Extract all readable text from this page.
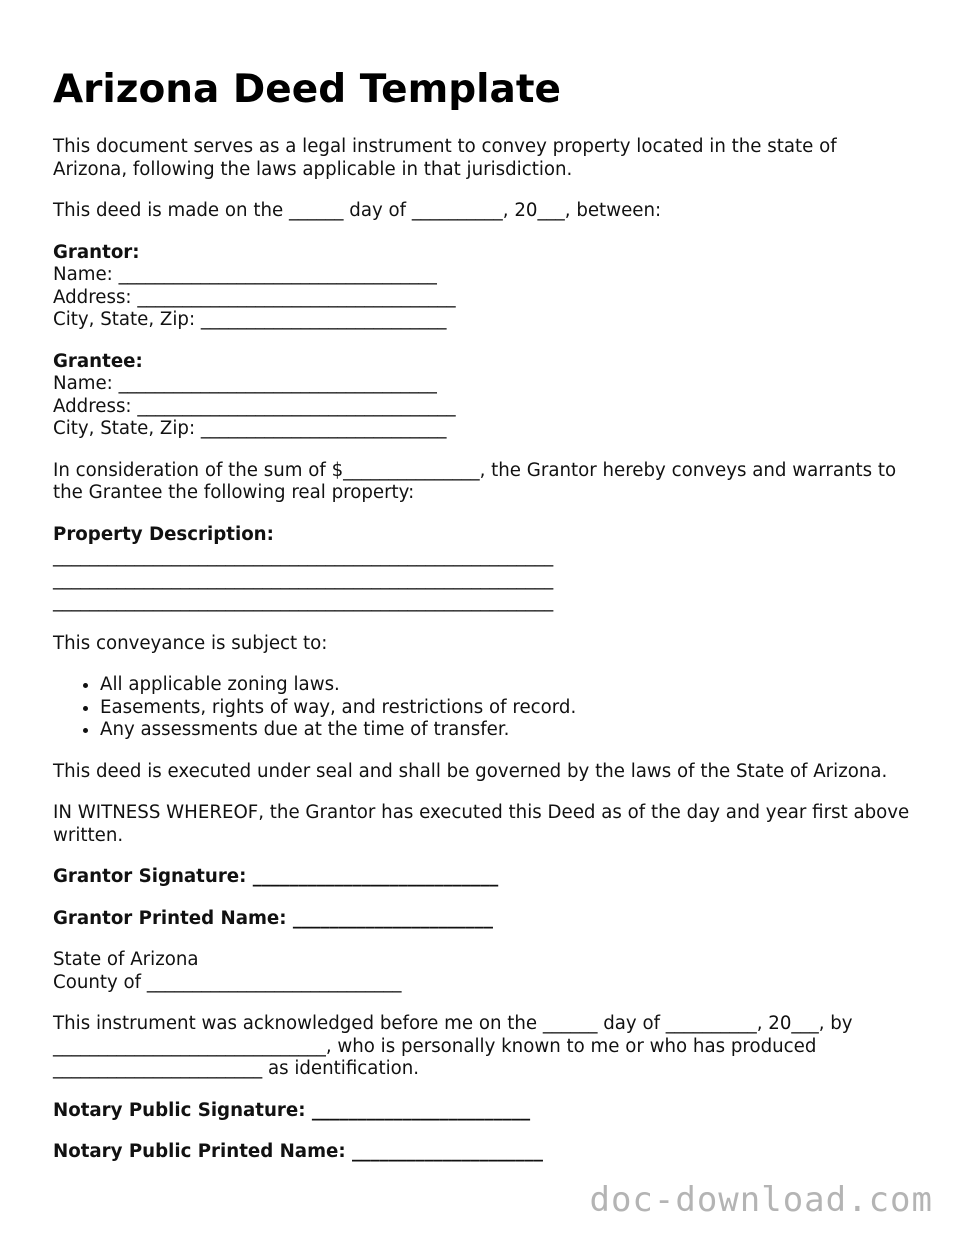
Arizona Deed Template

This document serves as a legal instrument to convey property located in the state of Arizona, following the laws applicable in that jurisdiction.

This deed is made on the ______ day of __________, 20___, between:

Grantor:
Name: ___________________________________
Address: ___________________________________
City, State, Zip: ___________________________
Grantee:
Name: ___________________________________
Address: ___________________________________
City, State, Zip: ___________________________

In consideration of the sum of $_______________, the Grantor hereby conveys and warrants to the Grantee the following real property:

Property Description:
_______________________________________________________
_______________________________________________________
_______________________________________________________

This conveyance is subject to:

• All applicable zoning laws.
• Easements, rights of way, and restrictions of record.
• Any assessments due at the time of transfer.

This deed is executed under seal and shall be governed by the laws of the State of Arizona.

IN WITNESS WHEREOF, the Grantor has executed this Deed as of the day and year first above written.

Grantor Signature: ___________________________

Grantor Printed Name: ______________________

State of Arizona
County of ____________________________

This instrument was acknowledged before me on the ______ day of __________, 20___, by ______________________________, who is personally known to me or who has produced _______________________ as identification.

Notary Public Signature: ________________________

Notary Public Printed Name: _____________________

doc-download.com
